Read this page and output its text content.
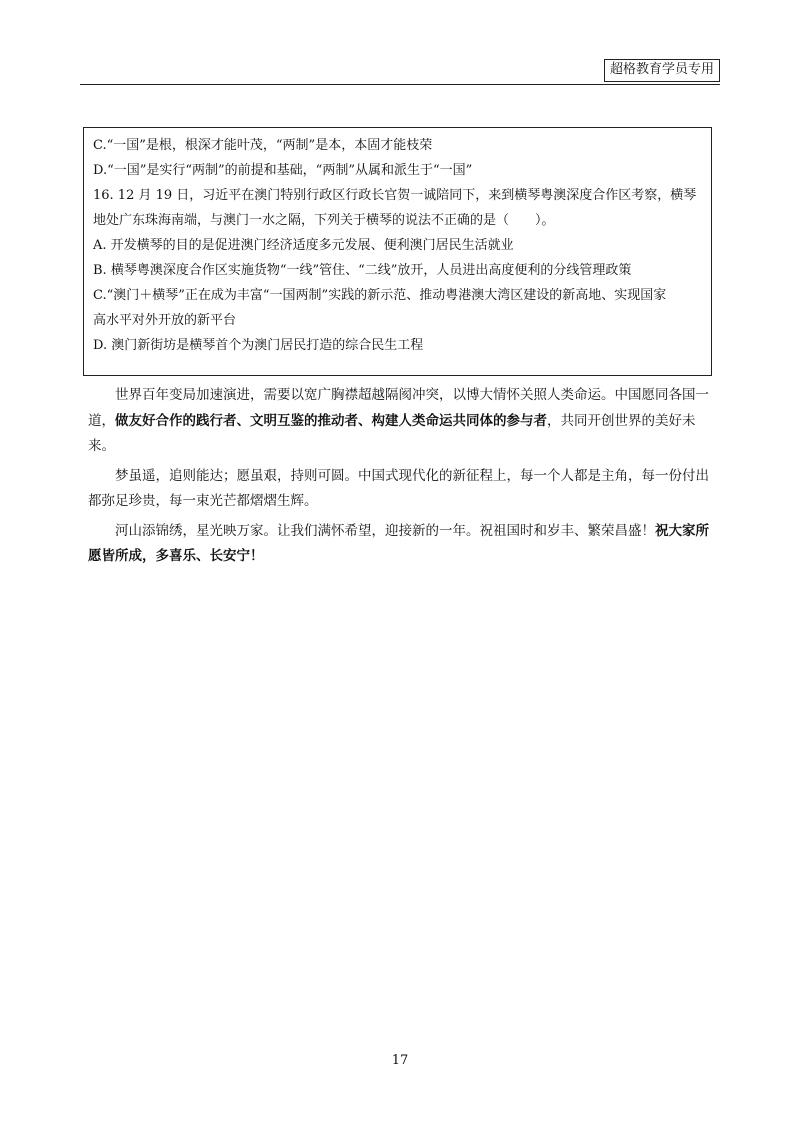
超格教育学员专用
C.“一国”是根，根深才能叶茂，“两制”是本，本固才能枝荣
D.“一国”是实行“两制”的前提和基础，“两制”从属和派生于“一国”
16. 12 月 19 日，习近平在澳门特别行政区行政长官贺一诚陪同下，来到横琴粤澳深度合作区考察，横琴
地处广东珠海南端，与澳门一水之隔，下列关于横琴的说法不正确的是（　　）。
A. 开发横琴的目的是促进澳门经济适度多元发展、便利澳门居民生活就业
B. 横琴粤澳深度合作区实施货物“一线”管住、“二线”放开，人员进出高度便利的分线管理政策
C.“澳门＋横琴”正在成为丰富“一国两制”实践的新示范、推动粤港澳大湾区建设的新高地、实现国家
高水平对外开放的新平台
D. 澳门新街坊是横琴首个为澳门居民打造的综合民生工程

世界百年变局加速演进，需要以宽广胸襟超越隔阂冲突，以博大情怀关照人类命运。中国愿同各国一道，做友好合作的践行者、文明互鉴的推动者、构建人类命运共同体的参与者，共同开创世界的美好未来。

梦虽遥，追则能达；愿虽艰，持则可圆。中国式现代化的新征程上，每一个人都是主角，每一份付出都弥足珍贵，每一束光芒都熠熠生辉。

河山添锦绣，星光映万家。让我们满怀希望，迎接新的一年。祝祖国时和岁丰、繁荣昌盛！祝大家所愿皆所成，多喜乐、长安宁！

17
